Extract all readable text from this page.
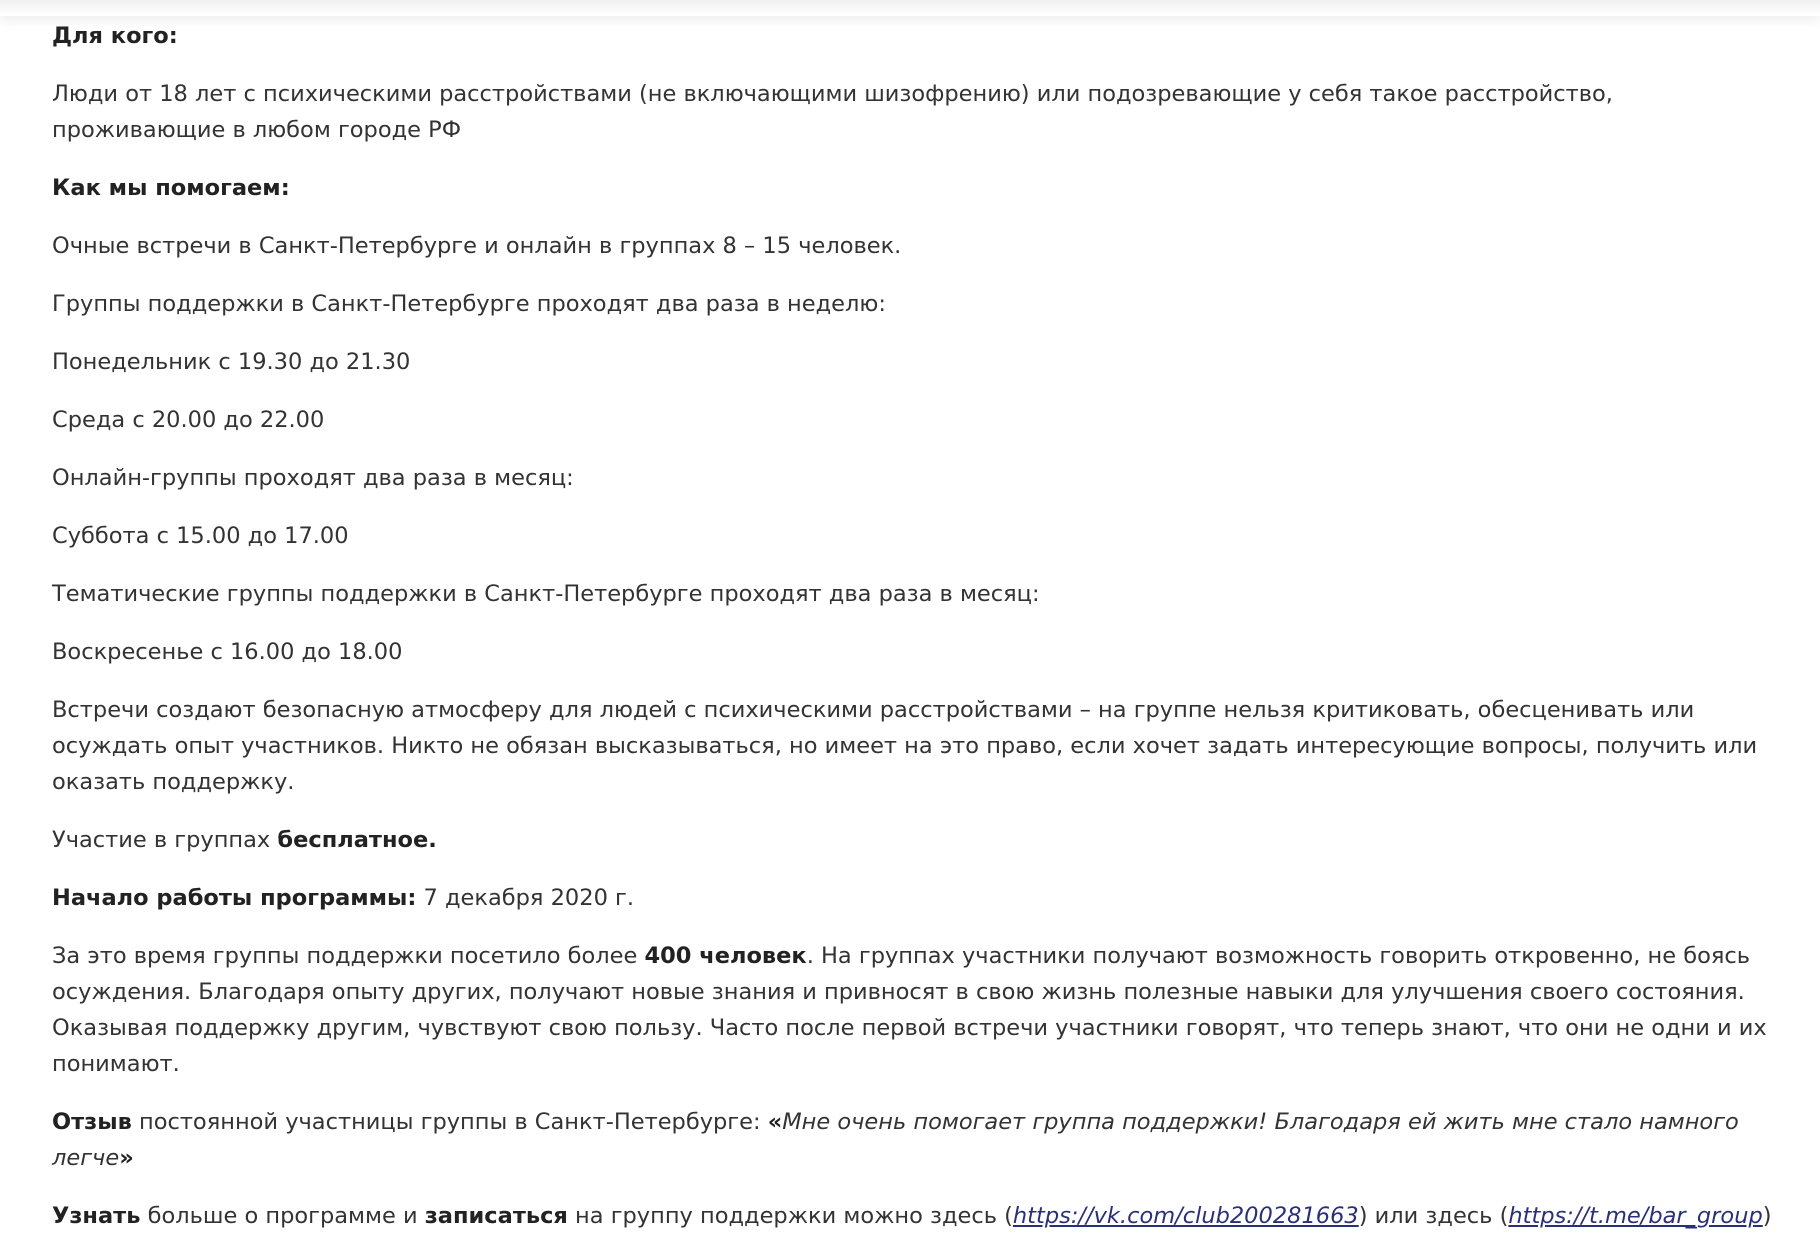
Для кого:

Люди от 18 лет с психическими расстройствами (не включающими шизофрению) или подозревающие у себя такое расстройство, проживающие в любом городе РФ

Как мы помогаем:

Очные встречи в Санкт-Петербурге и онлайн в группах 8 – 15 человек.

Группы поддержки в Санкт-Петербурге проходят два раза в неделю:

Понедельник с 19.30 до 21.30

Среда с 20.00 до 22.00

Онлайн-группы проходят два раза в месяц:

Суббота с 15.00 до 17.00

Тематические группы поддержки в Санкт-Петербурге проходят два раза в месяц:

Воскресенье с 16.00 до 18.00

Встречи создают безопасную атмосферу для людей с психическими расстройствами – на группе нельзя критиковать, обесценивать или осуждать опыт участников. Никто не обязан высказываться, но имеет на это право, если хочет задать интересующие вопросы, получить или оказать поддержку.

Участие в группах бесплатное.

Начало работы программы: 7 декабря 2020 г.

За это время группы поддержки посетило более 400 человек. На группах участники получают возможность говорить откровенно, не боясь осуждения. Благодаря опыту других, получают новые знания и привносят в свою жизнь полезные навыки для улучшения своего состояния. Оказывая поддержку другим, чувствуют свою пользу. Часто после первой встречи участники говорят, что теперь знают, что они не одни и их понимают.

Отзыв постоянной участницы группы в Санкт-Петербурге: «Мне очень помогает группа поддержки! Благодаря ей жить мне стало намного легче»

Узнать больше о программе и записаться на группу поддержки можно здесь (https://vk.com/club200281663) или здесь (https://t.me/bar_group)
